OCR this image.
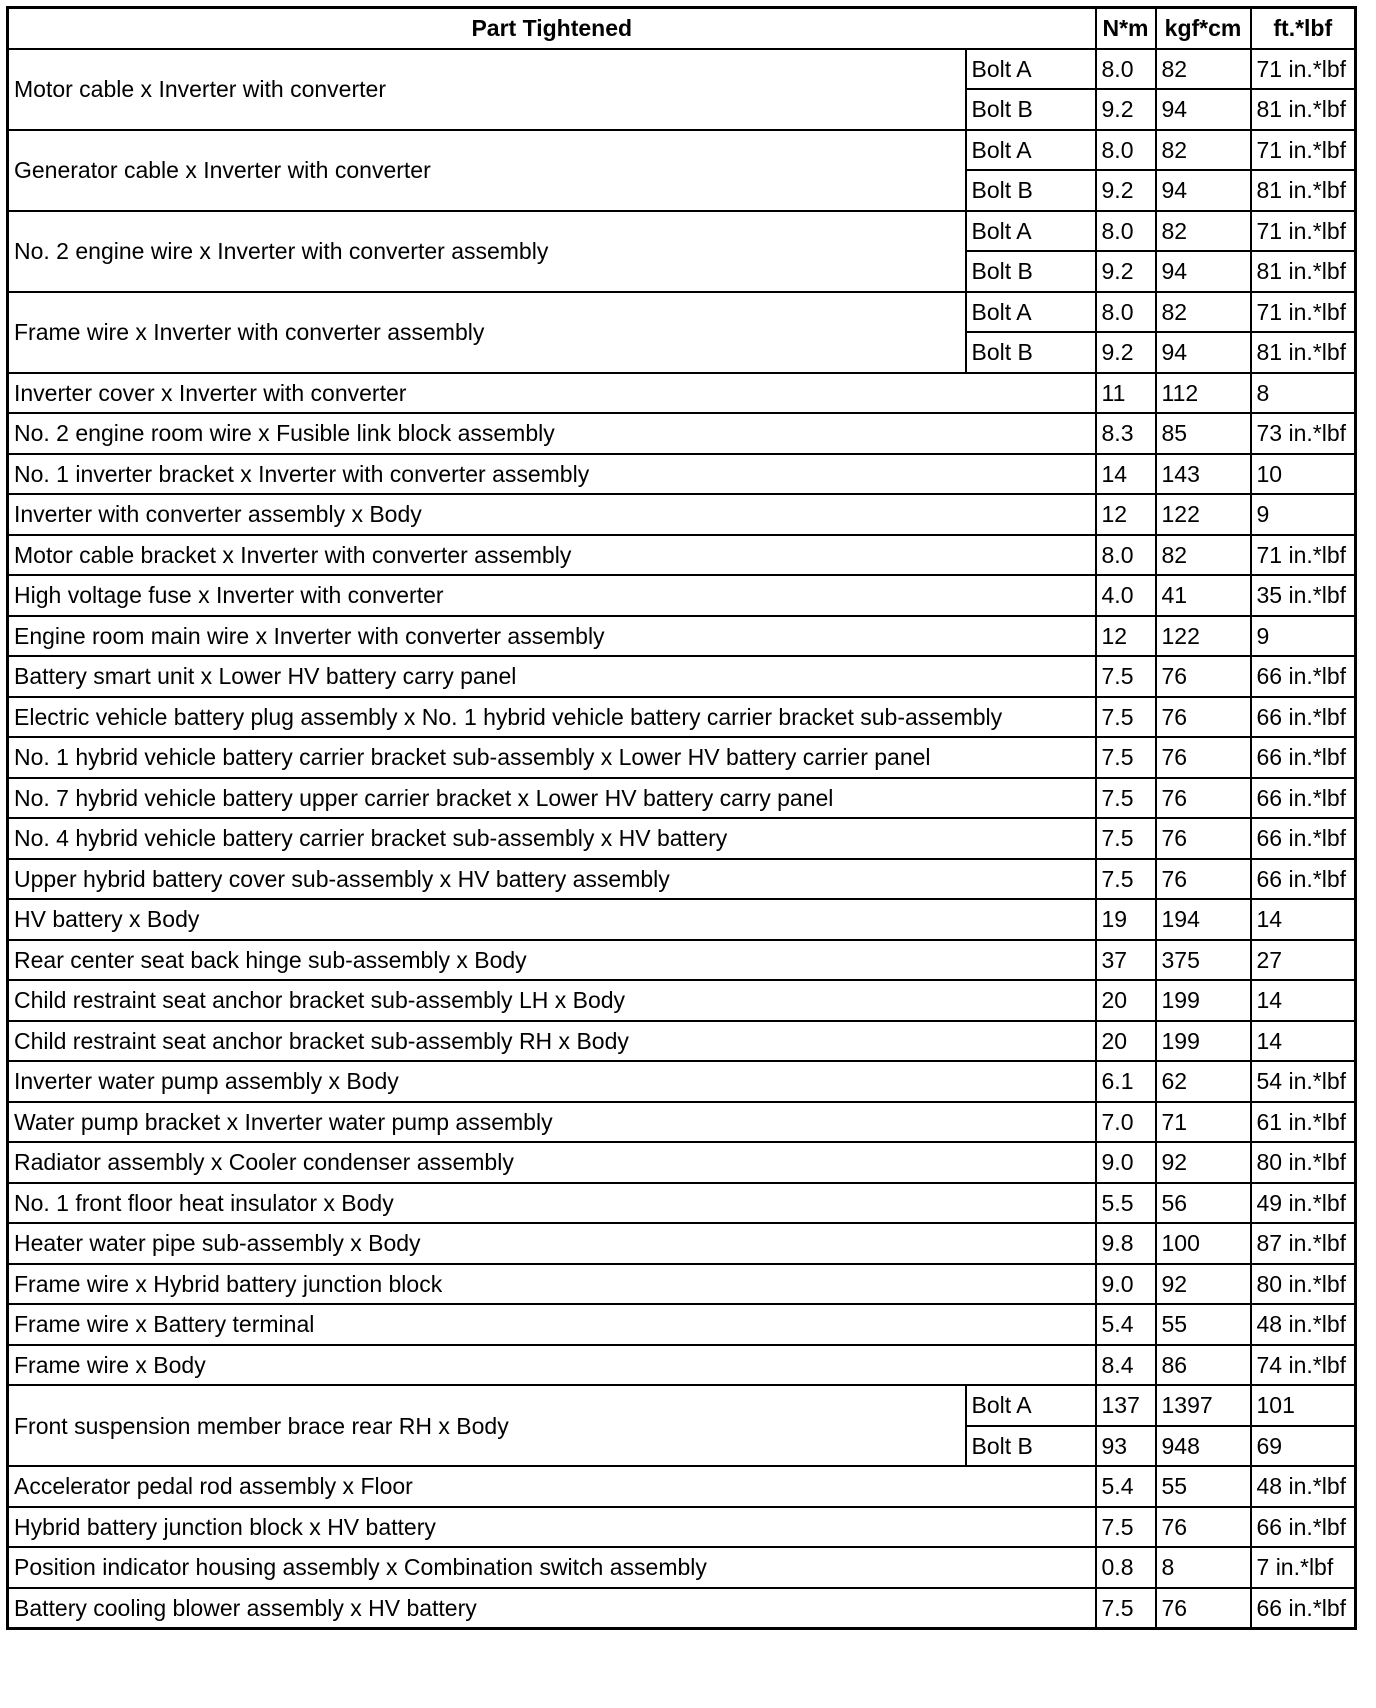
Part Tightened		N*m	kgf*cm	ft.*lbf
Motor cable x Inverter with converter	Bolt A	8.0	82	71 in.*lbf
	Bolt B	9.2	94	81 in.*lbf
Generator cable x Inverter with converter	Bolt A	8.0	82	71 in.*lbf
	Bolt B	9.2	94	81 in.*lbf
No. 2 engine wire x Inverter with converter assembly	Bolt A	8.0	82	71 in.*lbf
	Bolt B	9.2	94	81 in.*lbf
Frame wire x Inverter with converter assembly	Bolt A	8.0	82	71 in.*lbf
	Bolt B	9.2	94	81 in.*lbf
Inverter cover x Inverter with converter		11	112	8
No. 2 engine room wire x Fusible link block assembly		8.3	85	73 in.*lbf
No. 1 inverter bracket x Inverter with converter assembly		14	143	10
Inverter with converter assembly x Body		12	122	9
Motor cable bracket x Inverter with converter assembly		8.0	82	71 in.*lbf
High voltage fuse x Inverter with converter		4.0	41	35 in.*lbf
Engine room main wire x Inverter with converter assembly		12	122	9
Battery smart unit x Lower HV battery carry panel		7.5	76	66 in.*lbf
Electric vehicle battery plug assembly x No. 1 hybrid vehicle battery carrier bracket sub-assembly		7.5	76	66 in.*lbf
No. 1 hybrid vehicle battery carrier bracket sub-assembly x Lower HV battery carrier panel		7.5	76	66 in.*lbf
No. 7 hybrid vehicle battery upper carrier bracket x Lower HV battery carry panel		7.5	76	66 in.*lbf
No. 4 hybrid vehicle battery carrier bracket sub-assembly x HV battery		7.5	76	66 in.*lbf
Upper hybrid battery cover sub-assembly x HV battery assembly		7.5	76	66 in.*lbf
HV battery x Body		19	194	14
Rear center seat back hinge sub-assembly x Body		37	375	27
Child restraint seat anchor bracket sub-assembly LH x Body		20	199	14
Child restraint seat anchor bracket sub-assembly RH x Body		20	199	14
Inverter water pump assembly x Body		6.1	62	54 in.*lbf
Water pump bracket x Inverter water pump assembly		7.0	71	61 in.*lbf
Radiator assembly x Cooler condenser assembly		9.0	92	80 in.*lbf
No. 1 front floor heat insulator x Body		5.5	56	49 in.*lbf
Heater water pipe sub-assembly x Body		9.8	100	87 in.*lbf
Frame wire x Hybrid battery junction block		9.0	92	80 in.*lbf
Frame wire x Battery terminal		5.4	55	48 in.*lbf
Frame wire x Body		8.4	86	74 in.*lbf
Front suspension member brace rear RH x Body	Bolt A	137	1397	101
	Bolt B	93	948	69
Accelerator pedal rod assembly x Floor		5.4	55	48 in.*lbf
Hybrid battery junction block x HV battery		7.5	76	66 in.*lbf
Position indicator housing assembly x Combination switch assembly		0.8	8	7 in.*lbf
Battery cooling blower assembly x HV battery		7.5	76	66 in.*lbf
